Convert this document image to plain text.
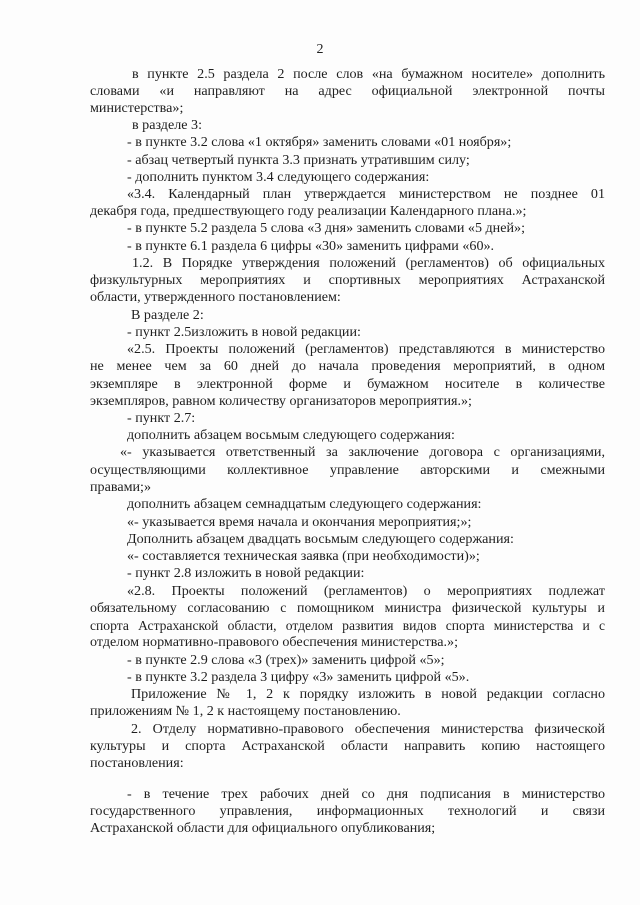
2
в пункте 2.5 раздела 2 после слов «на бумажном носителе» дополнить
словами «и направляют на адрес официальной электронной почты
министерства»;
в разделе 3:
- в пункте 3.2 слова «1 октября» заменить словами «01 ноября»;
- абзац четвертый пункта 3.3 признать утратившим силу;
- дополнить пунктом 3.4 следующего содержания:
«3.4. Календарный план утверждается министерством не позднее 01
декабря года, предшествующего году реализации Календарного плана.»;
- в пункте 5.2 раздела 5 слова «3 дня» заменить словами «5 дней»;
- в пункте 6.1 раздела 6 цифры «30» заменить цифрами «60».
1.2. В Порядке утверждения положений (регламентов) об официальных
физкультурных мероприятиях и спортивных мероприятиях Астраханской
области, утвержденного постановлением:
В разделе 2:
- пункт 2.5изложить в новой редакции:
«2.5. Проекты положений (регламентов) представляются в министерство
не менее чем за 60 дней до начала проведения мероприятий, в одном
экземпляре в электронной форме и бумажном носителе в количестве
экземпляров, равном количеству организаторов мероприятия.»;
- пункт 2.7:
дополнить абзацем восьмым следующего содержания:
«- указывается ответственный за заключение договора с организациями,
осуществляющими коллективное управление авторскими и смежными
правами;»
дополнить абзацем семнадцатым следующего содержания:
«- указывается время начала и окончания мероприятия;»;
Дополнить абзацем двадцать восьмым следующего содержания:
«- составляется техническая заявка (при необходимости)»;
- пункт 2.8 изложить в новой редакции:
«2.8. Проекты положений (регламентов) о мероприятиях подлежат
обязательному согласованию с помощником министра физической культуры и
спорта Астраханской области, отделом развития видов спорта министерства и с
отделом нормативно-правового обеспечения министерства.»;
- в пункте 2.9 слова «3 (трех)» заменить цифрой «5»;
- в пункте 3.2 раздела 3 цифру «3» заменить цифрой «5».
Приложение № 1, 2 к порядку изложить в новой редакции согласно
приложениям № 1, 2 к настоящему постановлению.
2. Отделу нормативно-правового обеспечения министерства физической
культуры и спорта Астраханской области направить копию настоящего
постановления:
- в течение трех рабочих дней со дня подписания в министерство
государственного управления, информационных технологий и связи
Астраханской области для официального опубликования;
